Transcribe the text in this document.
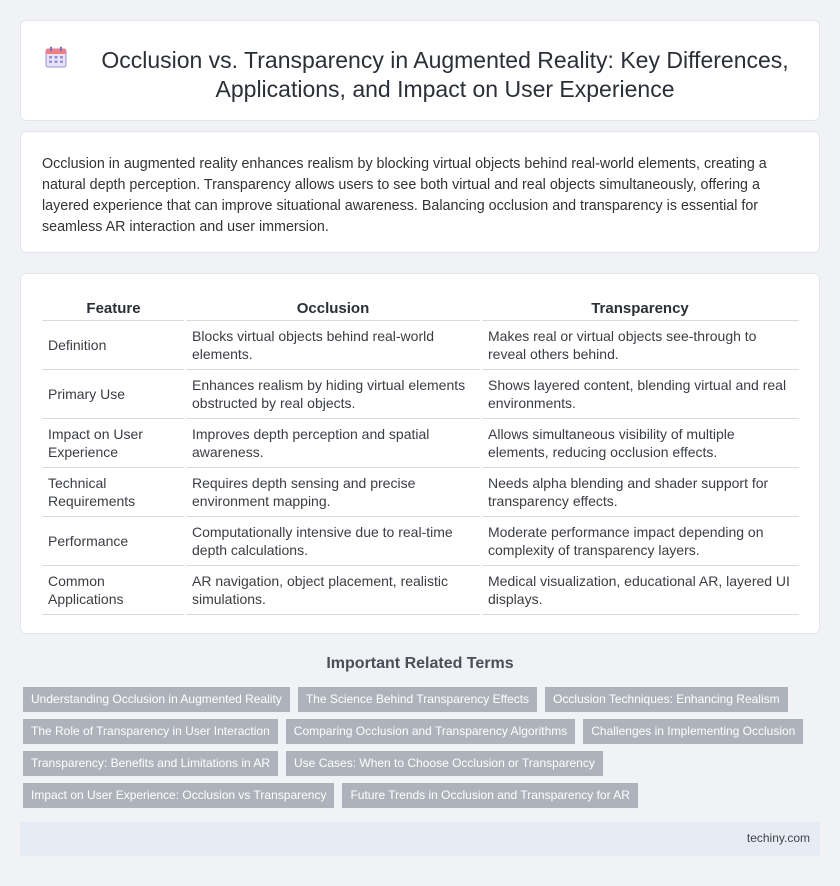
Occlusion vs. Transparency in Augmented Reality: Key Differences, Applications, and Impact on User Experience

Occlusion in augmented reality enhances realism by blocking virtual objects behind real-world elements, creating a natural depth perception. Transparency allows users to see both virtual and real objects simultaneously, offering a layered experience that can improve situational awareness. Balancing occlusion and transparency is essential for seamless AR interaction and user immersion.

Feature	Occlusion	Transparency
Definition	Blocks virtual objects behind real-world elements.	Makes real or virtual objects see-through to reveal others behind.
Primary Use	Enhances realism by hiding virtual elements obstructed by real objects.	Shows layered content, blending virtual and real environments.
Impact on User Experience	Improves depth perception and spatial awareness.	Allows simultaneous visibility of multiple elements, reducing occlusion effects.
Technical Requirements	Requires depth sensing and precise environment mapping.	Needs alpha blending and shader support for transparency effects.
Performance	Computationally intensive due to real-time depth calculations.	Moderate performance impact depending on complexity of transparency layers.
Common Applications	AR navigation, object placement, realistic simulations.	Medical visualization, educational AR, layered UI displays.
Important Related Terms
Understanding Occlusion in Augmented Reality	The Science Behind Transparency Effects	Occlusion Techniques: Enhancing Realism
The Role of Transparency in User Interaction	Comparing Occlusion and Transparency Algorithms	Challenges in Implementing Occlusion
Transparency: Benefits and Limitations in AR	Use Cases: When to Choose Occlusion or Transparency
Impact on User Experience: Occlusion vs Transparency	Future Trends in Occlusion and Transparency for AR
techiny.com
